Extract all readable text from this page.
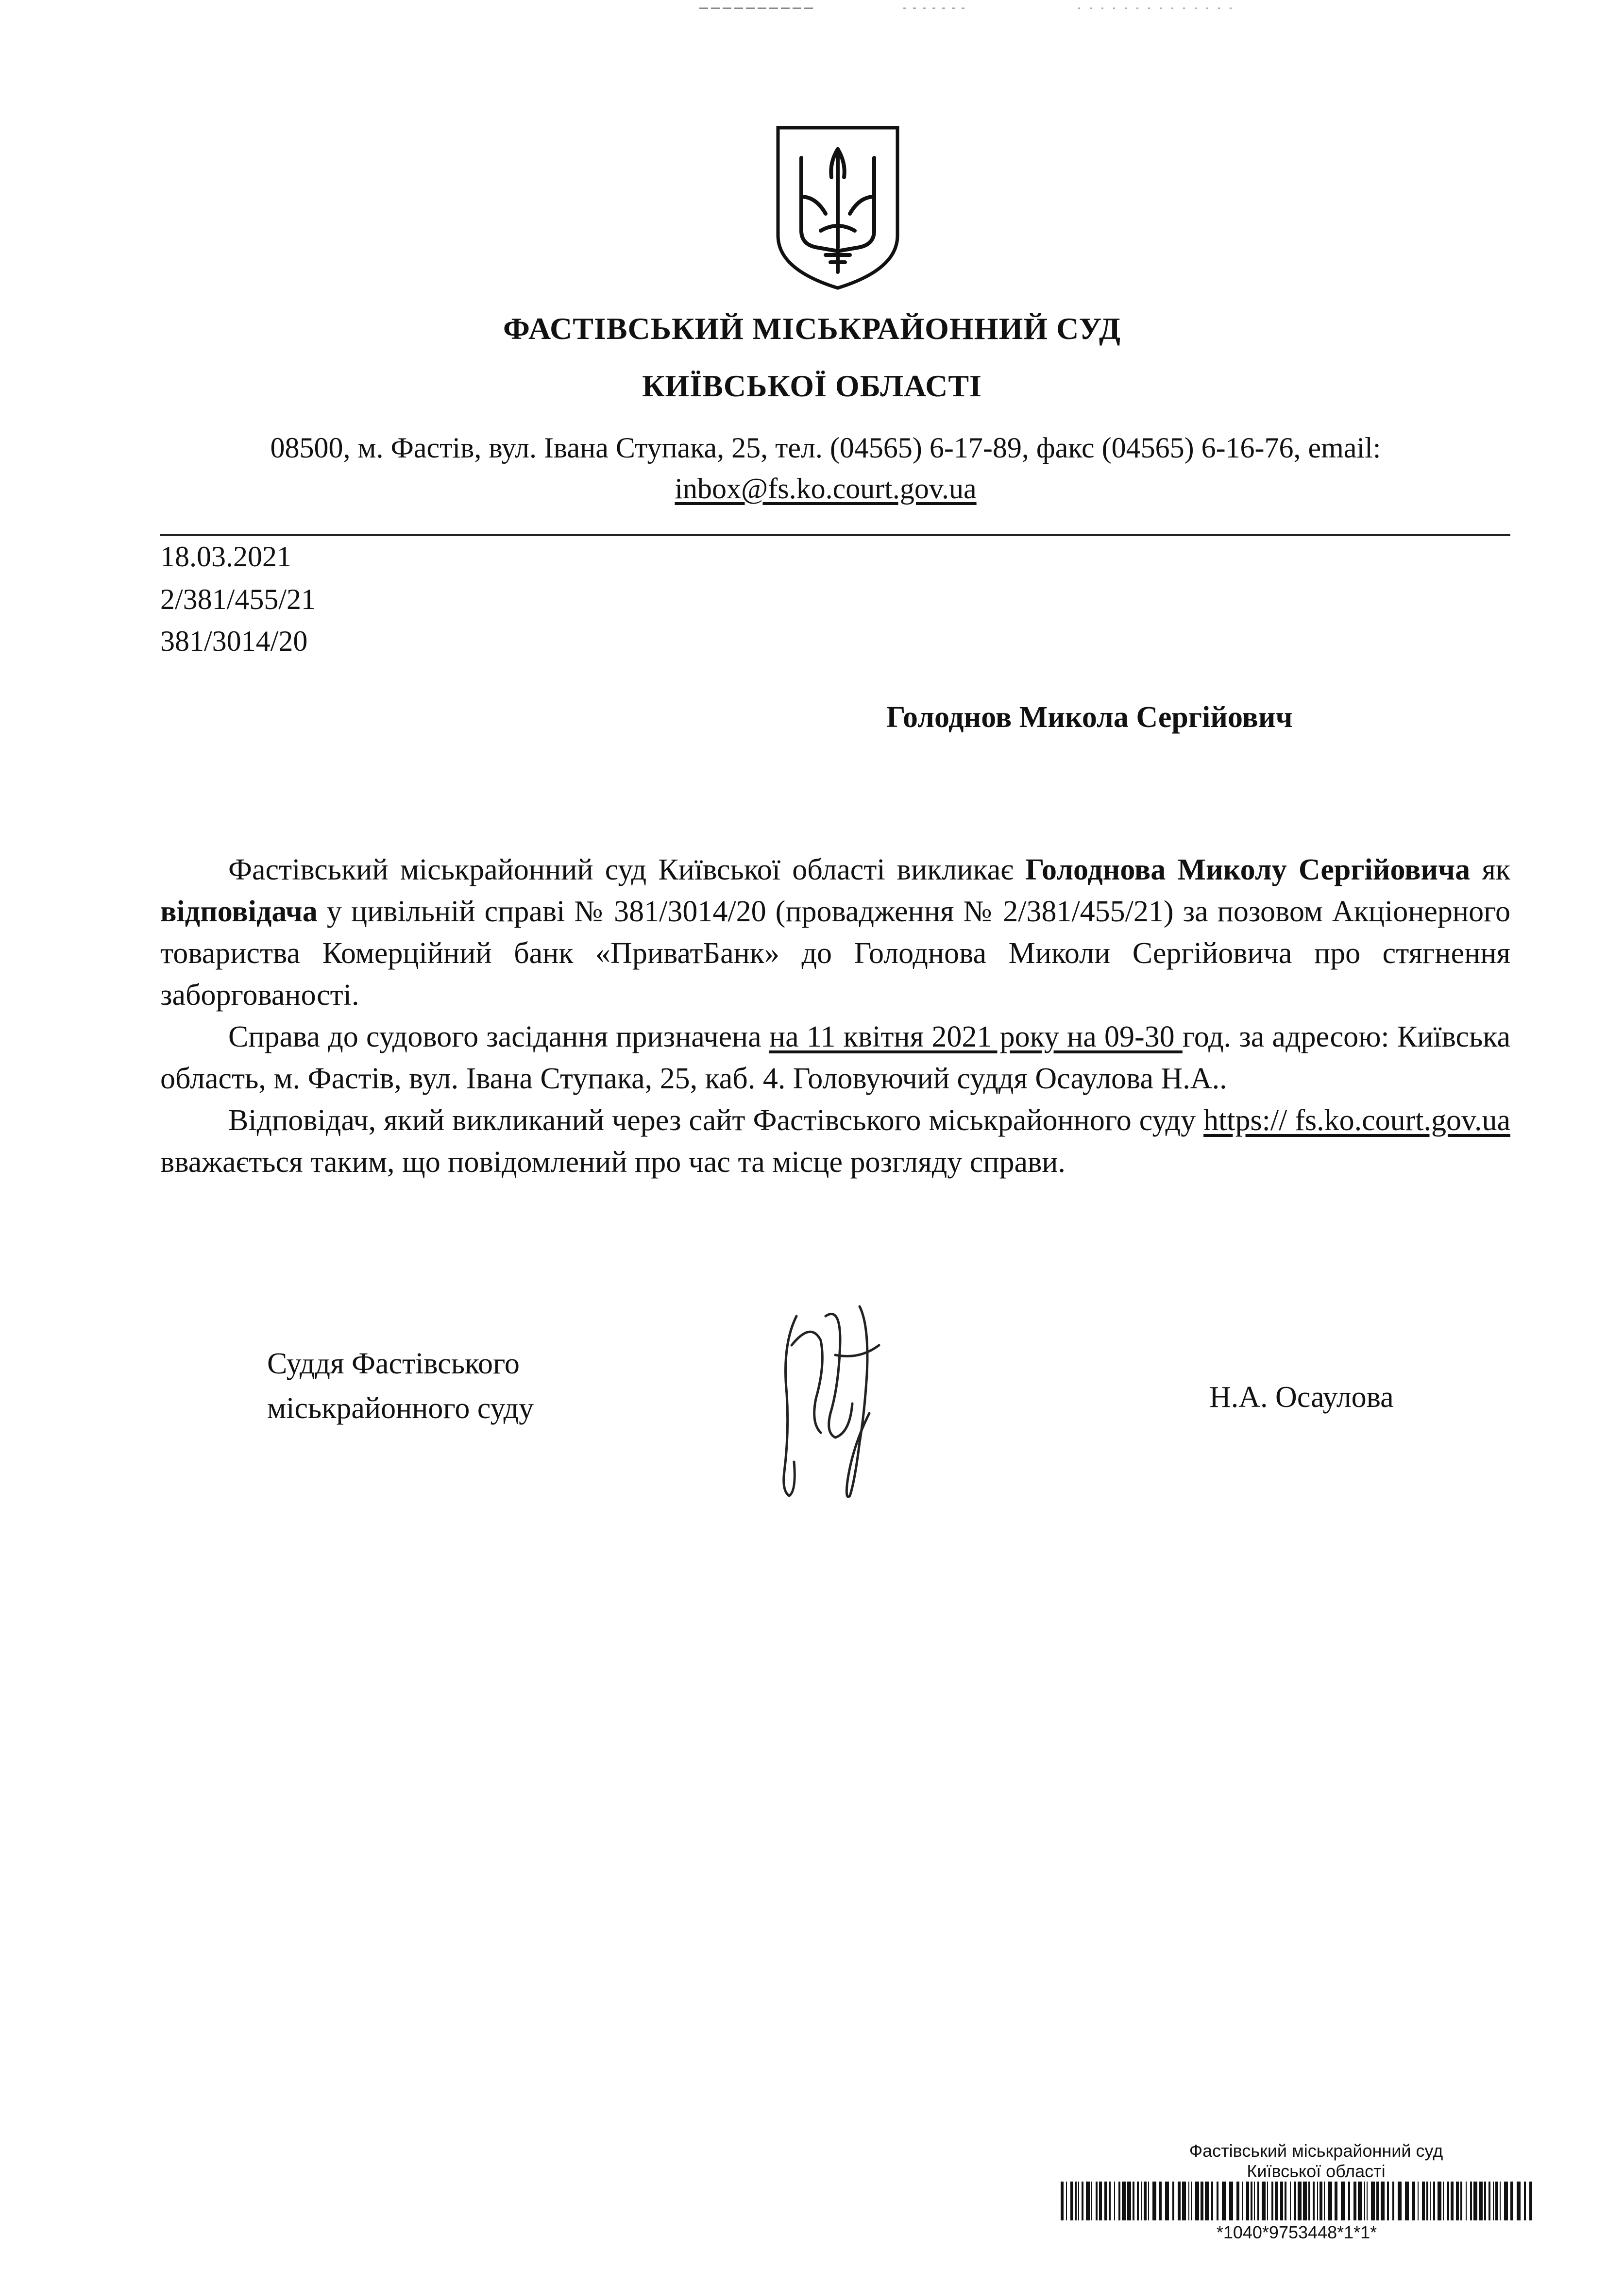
ФАСТІВСЬКИЙ МІСЬКРАЙОННИЙ СУД
КИЇВСЬКОЇ ОБЛАСТІ
08500, м. Фастів, вул. Івана Ступака, 25, тел. (04565) 6-17-89, факс (04565) 6-16-76, email:
inbox@fs.ko.court.gov.ua
18.03.2021
2/381/455/21
381/3014/20
Голоднов Микола Сергійович

Фастівський міськрайонний суд Київської області викликає Голоднова Миколу Сергійовича як відповідача у цивільній справі № 381/3014/20 (провадження № 2/381/455/21) за позовом Акціонерного товариства Комерційний банк «ПриватБанк» до Голоднова Миколи Сергійовича про стягнення заборгованості.

Справа до судового засідання призначена на 11 квітня 2021 року на 09-30 год. за адресою: Київська область, м. Фастів, вул. Івана Ступака, 25, каб. 4. Головуючий суддя Осаулова Н.А..

Відповідач, який викликаний через сайт Фастівського міськрайонного суду https:// fs.ko.court.gov.ua вважається таким, що повідомлений про час та місце розгляду справи.

Суддя Фастівського
міськрайонного суду	Н.А. Осаулова
Фастівський міськрайонний суд
Київської області
*1040*9753448*1*1*
